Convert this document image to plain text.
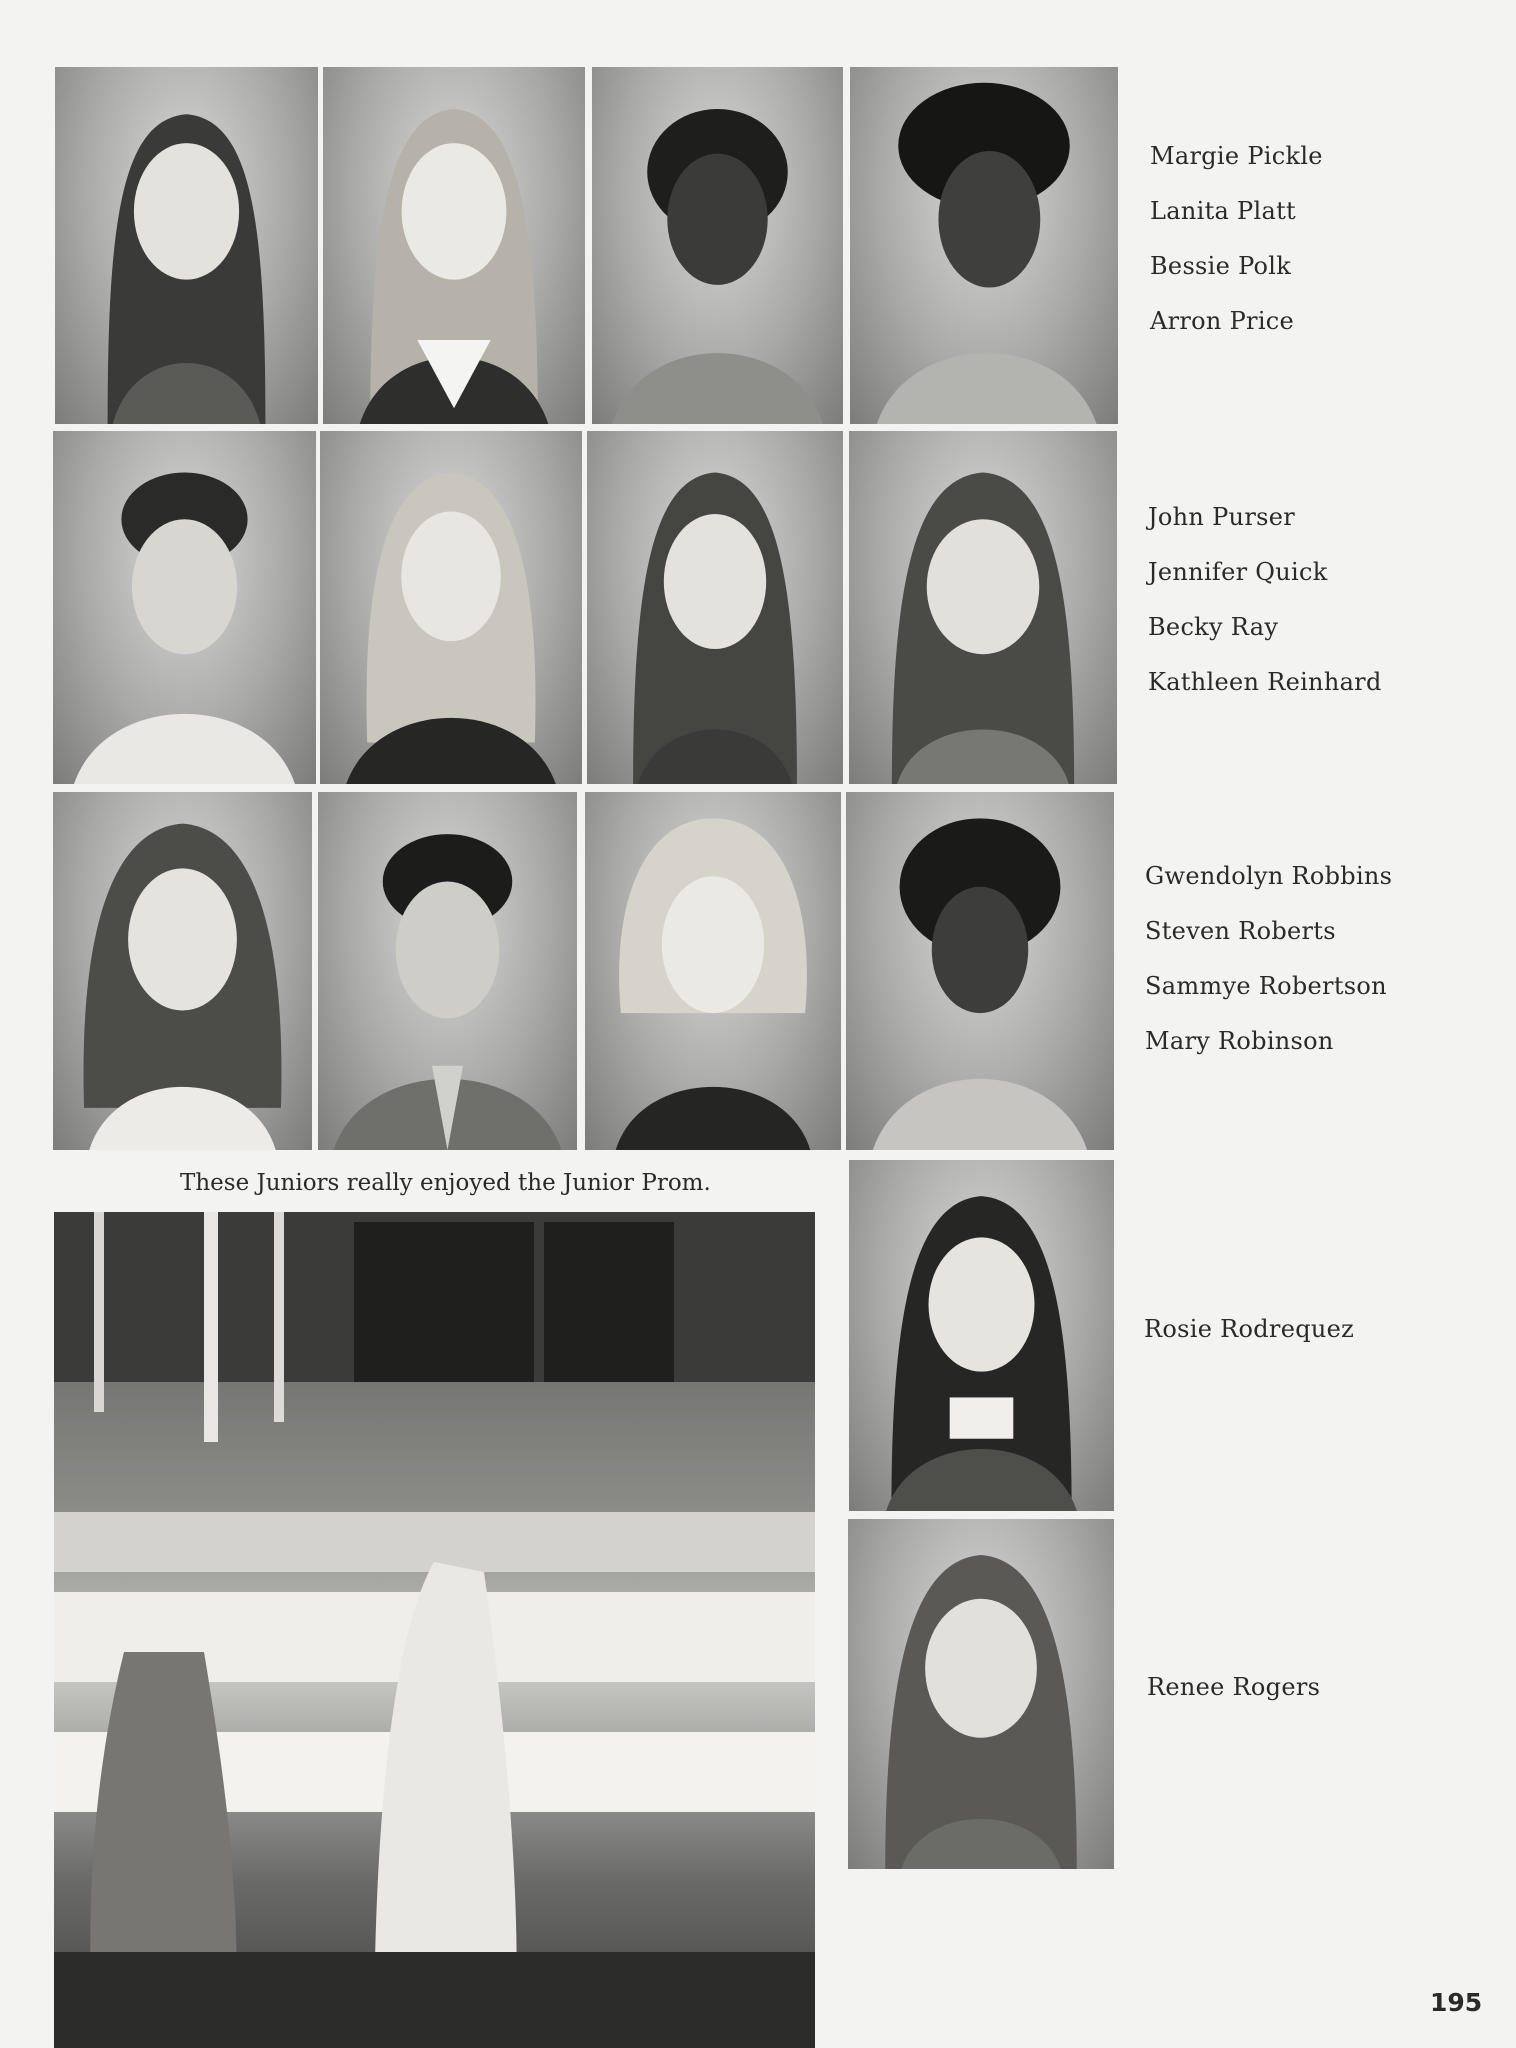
Margie Pickle
Lanita Platt
Bessie Polk
Arron Price
John Purser
Jennifer Quick
Becky Ray
Kathleen Reinhard
Gwendolyn Robbins
Steven Roberts
Sammye Robertson
Mary Robinson
Rosie Rodrequez
Renee Rogers
These Juniors really enjoyed the Junior Prom.
195
